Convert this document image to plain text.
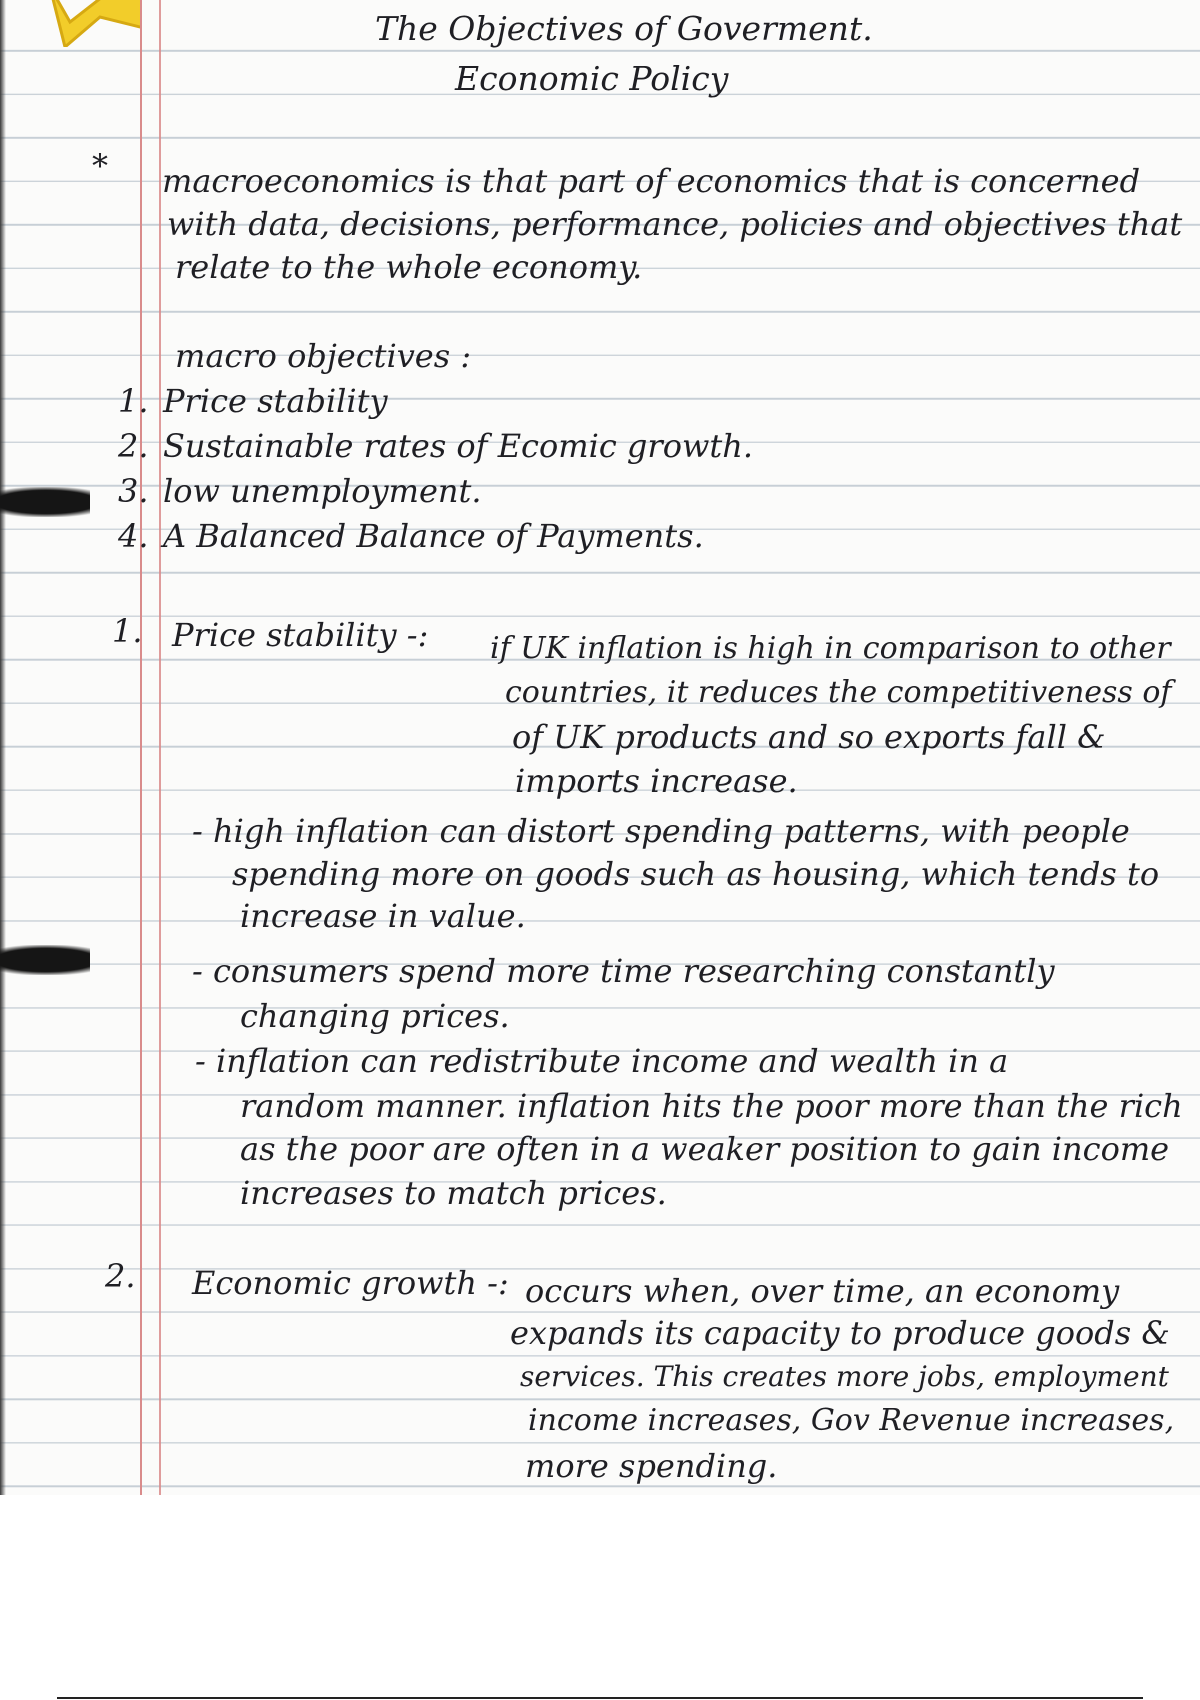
The Objectives of Goverment.
Economic Policy
* macroeconomics is that part of economics that is concerned
with data, decisions, performance, policies and objectives that
relate to the whole economy.
macro objectives :
1. Price stability
2. Sustainable rates of Ecomic growth.
3. low unemployment.
4. A Balanced Balance of Payments.
1. Price stability -: if UK inflation is high in comparison to other
countries, it reduces the competitiveness of
of UK products and so exports fall &
imports increase.
- high inflation can distort spending patterns, with people
spending more on goods such as housing, which tends to
increase in value.
- consumers spend more time researching constantly
changing prices.
- inflation can redistribute income and wealth in a
random manner. inflation hits the poor more than the rich
as the poor are often in a weaker position to gain income
increases to match prices.
2. Economic growth -: occurs when, over time, an economy
expands its capacity to produce goods &
services. This creates more jobs, employment
income increases, Gov Revenue increases,
more spending.
